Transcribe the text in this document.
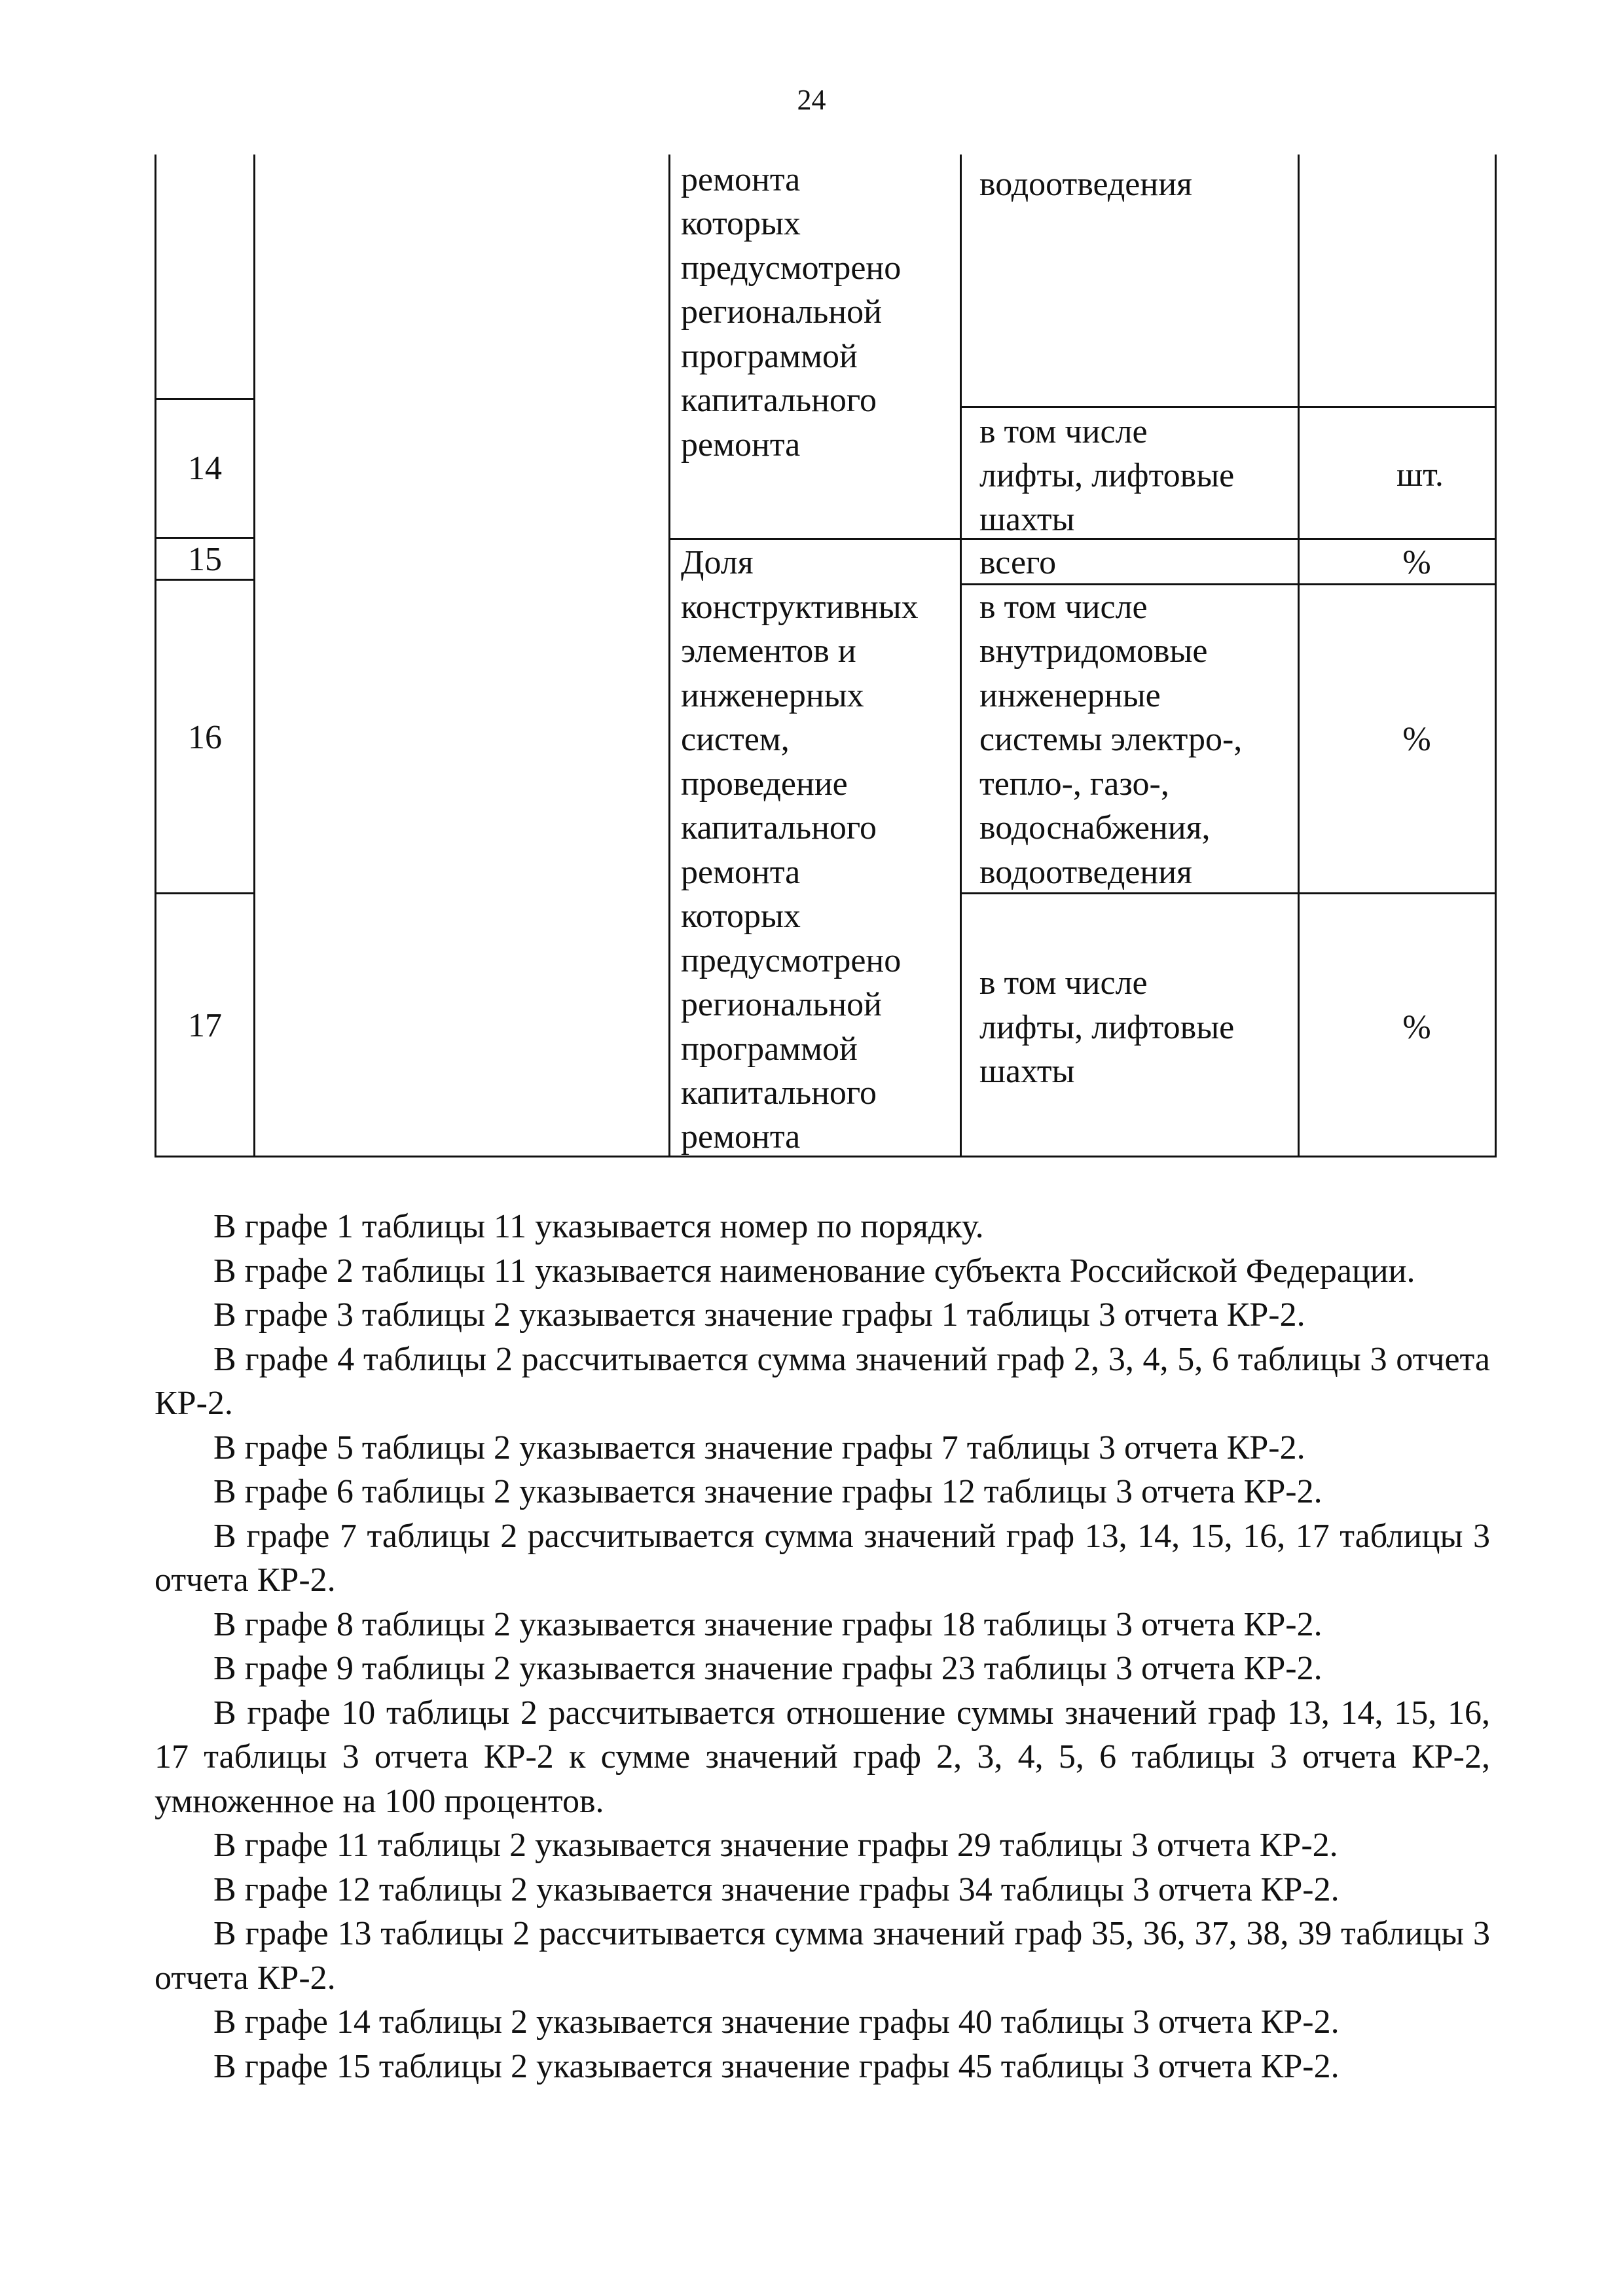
24
ремонта
которых
предусмотрено
региональной
программой
капитального
ремонта
водоотведения
14
в том числе
лифты, лифтовые
шахты
шт.
15	всего	%
Доля
конструктивных
элементов и
инженерных
систем,
проведение
капитального
ремонта
которых
предусмотрено
региональной
программой
капитального
ремонта
16
в том числе
внутридомовые
инженерные
системы электро-,
тепло-, газо-,
водоснабжения,
водоотведения
%
17
в том числе
лифты, лифтовые
шахты
%

В графе 1 таблицы 11 указывается номер по порядку.

В графе 2 таблицы 11 указывается наименование субъекта Российской Федерации.

В графе 3 таблицы 2 указывается значение графы 1 таблицы 3 отчета КР-2.

В графе 4 таблицы 2 рассчитывается сумма значений граф 2, 3, 4, 5, 6 таблицы 3 отчета КР-2.

В графе 5 таблицы 2 указывается значение графы 7 таблицы 3 отчета КР-2.

В графе 6 таблицы 2 указывается значение графы 12 таблицы 3 отчета КР-2.

В графе 7 таблицы 2 рассчитывается сумма значений граф 13, 14, 15, 16, 17 таблицы 3 отчета КР-2.

В графе 8 таблицы 2 указывается значение графы 18 таблицы 3 отчета КР-2.

В графе 9 таблицы 2 указывается значение графы 23 таблицы 3 отчета КР-2.

В графе 10 таблицы 2 рассчитывается отношение суммы значений граф 13, 14, 15, 16, 17 таблицы 3 отчета КР-2 к сумме значений граф 2, 3, 4, 5, 6 таблицы 3 отчета КР-2, умноженное на 100 процентов.

В графе 11 таблицы 2 указывается значение графы 29 таблицы 3 отчета КР-2.

В графе 12 таблицы 2 указывается значение графы 34 таблицы 3 отчета КР-2.

В графе 13 таблицы 2 рассчитывается сумма значений граф 35, 36, 37, 38, 39 таблицы 3 отчета КР-2.

В графе 14 таблицы 2 указывается значение графы 40 таблицы 3 отчета КР-2.

В графе 15 таблицы 2 указывается значение графы 45 таблицы 3 отчета КР-2.
